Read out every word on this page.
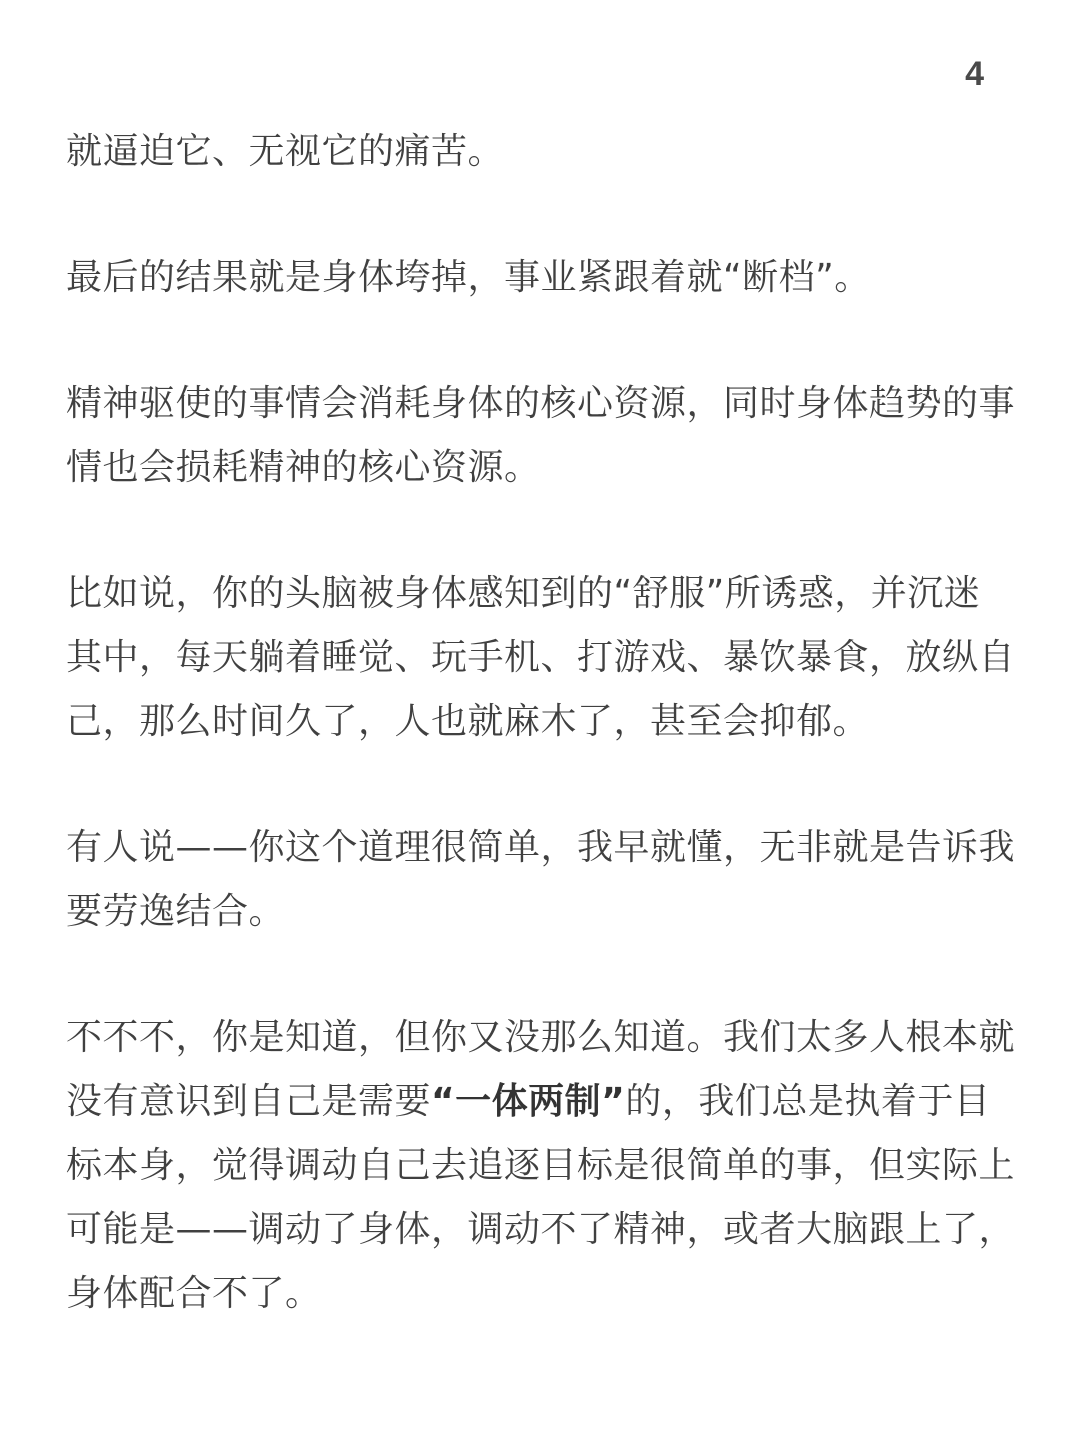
4

就逼迫它、无视它的痛苦。

最后的结果就是身体垮掉，事业紧跟着就“断档”。

精神驱使的事情会消耗身体的核心资源，同时身体趋势的事情也会损耗精神的核心资源。

比如说，你的头脑被身体感知到的“舒服”所诱惑，并沉迷其中，每天躺着睡觉、玩手机、打游戏、暴饮暴食，放纵自己，那么时间久了，人也就麻木了，甚至会抑郁。

有人说——你这个道理很简单，我早就懂，无非就是告诉我要劳逸结合。

不不不，你是知道，但你又没那么知道。我们太多人根本就没有意识到自己是需要“一体两制”的，我们总是执着于目标本身，觉得调动自己去追逐目标是很简单的事，但实际上可能是——调动了身体，调动不了精神，或者大脑跟上了，身体配合不了。
